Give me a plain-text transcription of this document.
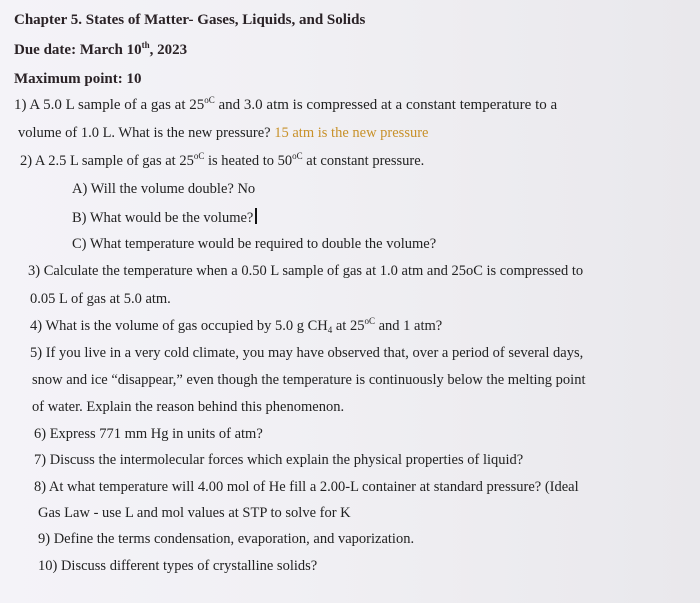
Chapter 5. States of Matter- Gases, Liquids, and Solids
Due date: March 10th, 2023
Maximum point: 10
1) A 5.0 L sample of a gas at $25^{oC}$ and 3.0 atm is compressed at a constant temperature to a
volume of 1.0 L. What is the new pressure? 15 atm is the new pressure
2) A 2.5 L sample of gas at $25^{oC}$ is heated to $50^{oC}$ at constant pressure.
A) Will the volume double? No
B) What would be the volume?
C) What temperature would be required to double the volume?
3) Calculate the temperature when a 0.50 L sample of gas at 1.0 atm and 25oC is compressed to
0.05 L of gas at 5.0 atm.
4) What is the volume of gas occupied by 5.0 g $CH_4$ at $25^{oC}$ and 1 atm?
5) If you live in a very cold climate, you may have observed that, over a period of several days,
snow and ice “disappear,” even though the temperature is continuously below the melting point
of water. Explain the reason behind this phenomenon.
6) Express 771 mm Hg in units of atm?
7) Discuss the intermolecular forces which explain the physical properties of liquid?
8) At what temperature will 4.00 mol of He fill a 2.00-L container at standard pressure? (Ideal
Gas Law - use L and mol values at STP to solve for K
9) Define the terms condensation, evaporation, and vaporization.
10) Discuss different types of crystalline solids?
